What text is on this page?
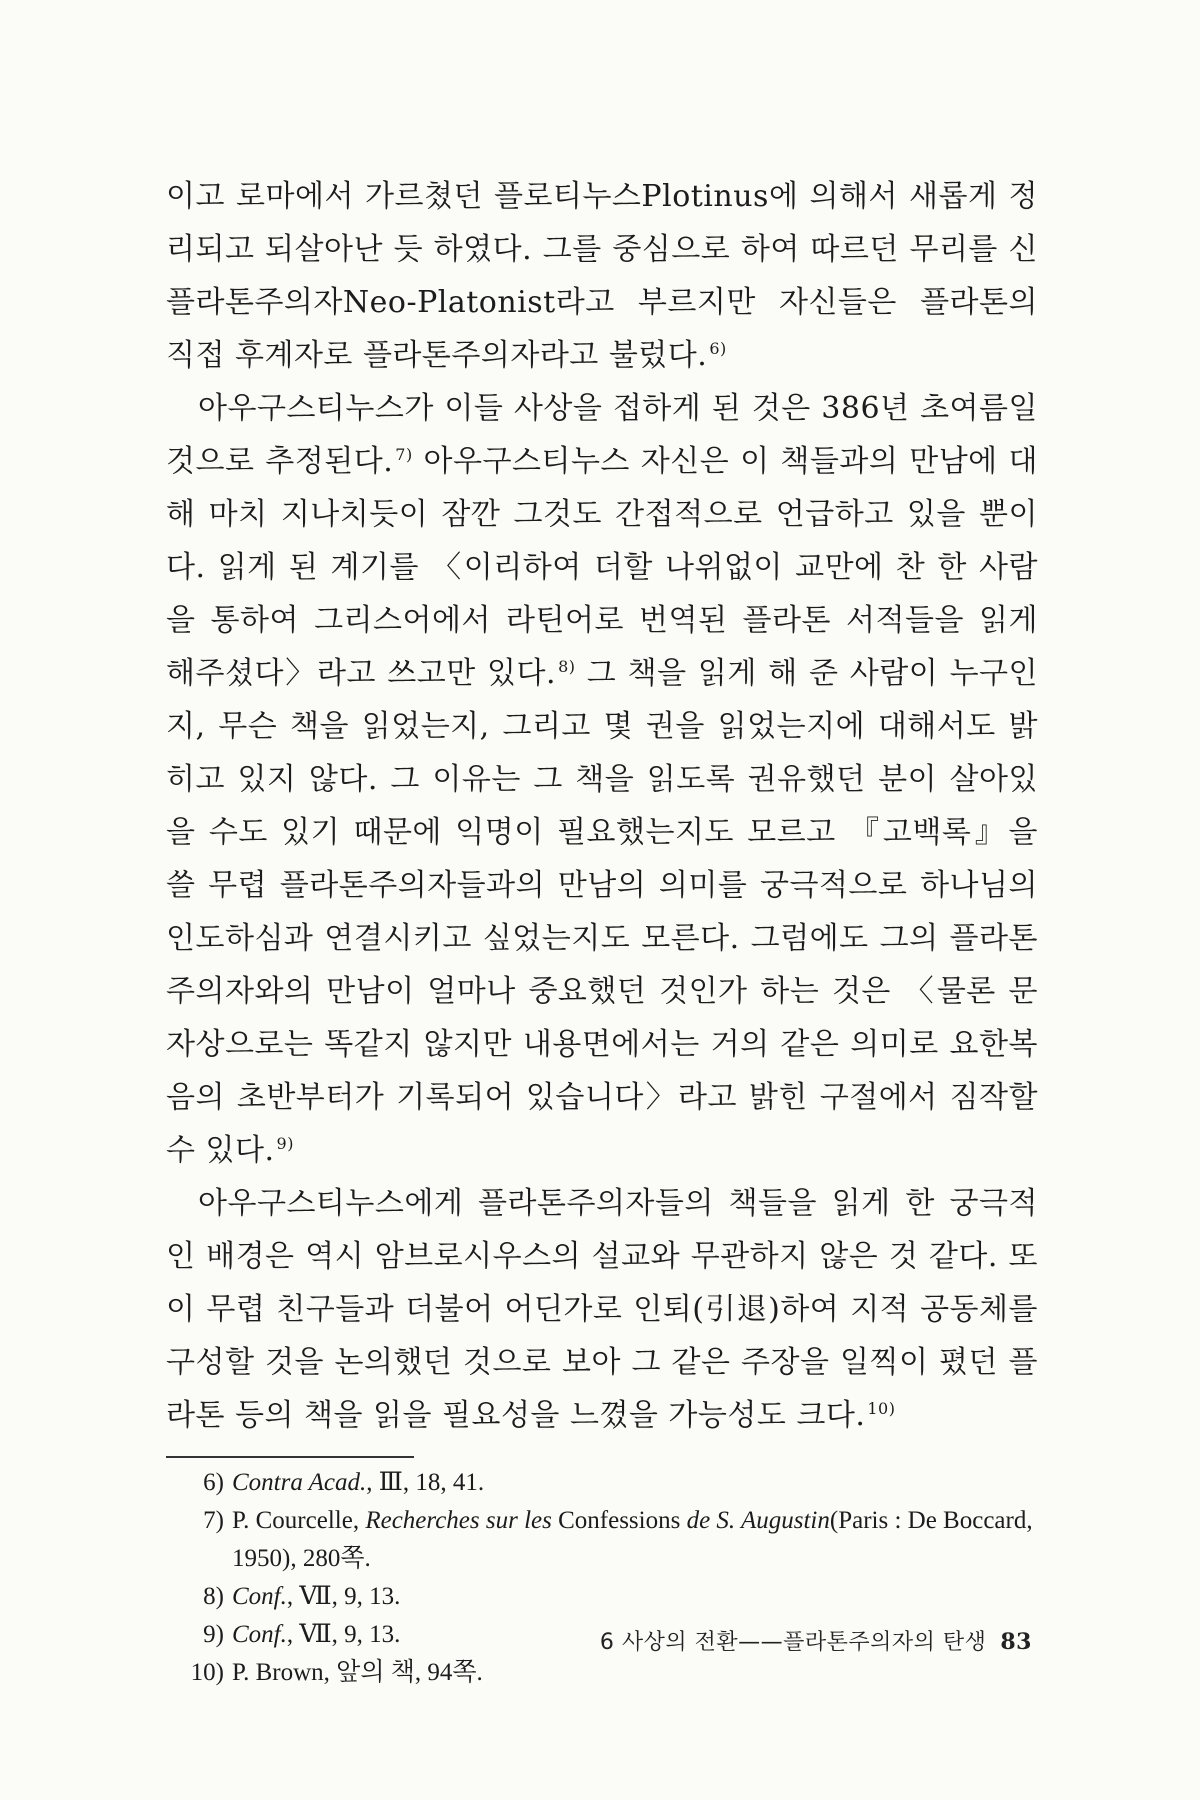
이고 로마에서 가르쳤던 플로티누스Plotinus에 의해서 새롭게 정리되고 되살아난 듯 하였다. 그를 중심으로 하여 따르던 무리를 신플라톤주의자Neo-Platonist라고 부르지만 자신들은 플라톤의 직접 후계자로 플라톤주의자라고 불렀다. $^{6)}$

아우구스티누스가 이들 사상을 접하게 된 것은 386년 초여름일 것으로 추정된다. $^{7)}$ 아우구스티누스 자신은 이 책들과의 만남에 대해 마치 지나치듯이 잠깐 그것도 간접적으로 언급하고 있을 뿐이다. 읽게 된 계기를 〈이리하여 더할 나위없이 교만에 찬 한 사람을 통하여 그리스어에서 라틴어로 번역된 플라톤 서적들을 읽게 해주셨다〉라고 쓰고만 있다. $^{8)}$ 그 책을 읽게 해 준 사람이 누구인지, 무슨 책을 읽었는지, 그리고 몇 권을 읽었는지에 대해서도 밝히고 있지 않다. 그 이유는 그 책을 읽도록 권유했던 분이 살아있을 수도 있기 때문에 익명이 필요했는지도 모르고 『고백록』을 쓸 무렵 플라톤주의자들과의 만남의 의미를 궁극적으로 하나님의 인도하심과 연결시키고 싶었는지도 모른다. 그럼에도 그의 플라톤주의자와의 만남이 얼마나 중요했던 것인가 하는 것은 〈물론 문자상으로는 똑같지 않지만 내용면에서는 거의 같은 의미로 요한복음의 초반부터가 기록되어 있습니다〉라고 밝힌 구절에서 짐작할 수 있다. $^{9)}$

아우구스티누스에게 플라톤주의자들의 책들을 읽게 한 궁극적인 배경은 역시 암브로시우스의 설교와 무관하지 않은 것 같다. 또 이 무렵 친구들과 더불어 어딘가로 인퇴(引退)하여 지적 공동체를 구성할 것을 논의했던 것으로 보아 그 같은 주장을 일찍이 폈던 플라톤 등의 책을 읽을 필요성을 느꼈을 가능성도 크다. $^{10)}$

6) Contra Acad., Ⅲ, 18, 41.
7) P. Courcelle, Recherches sur les Confessions de S. Augustin(Paris : De Boccard, 1950), 280쪽.
8) Conf., Ⅶ, 9, 13.
9) Conf., Ⅶ, 9, 13.
10) P. Brown, 앞의 책, 94쪽.
6 사상의 전환——플라톤주의자의 탄생 83
